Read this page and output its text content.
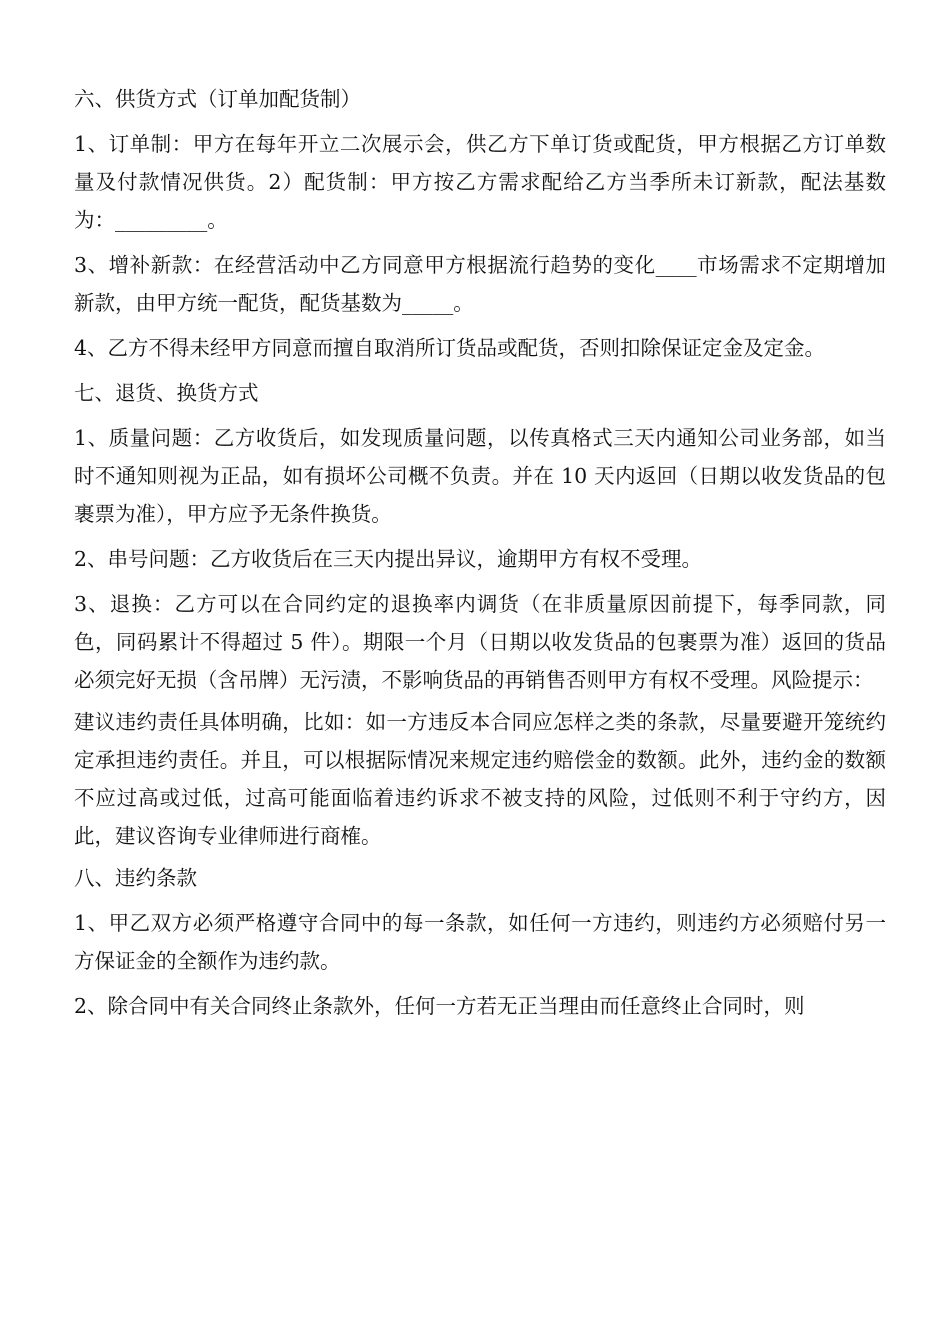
六、供货方式（订单加配货制）

1、订单制：甲方在每年开立二次展示会，供乙方下单订货或配货，甲方根据乙方订单数量及付款情况供货。2）配货制：甲方按乙方需求配给乙方当季所未订新款，配法基数为：_________。

3、增补新款：在经营活动中乙方同意甲方根据流行趋势的变化____市场需求不定期增加新款，由甲方统一配货，配货基数为_____。

4、乙方不得未经甲方同意而擅自取消所订货品或配货，否则扣除保证定金及定金。

七、退货、换货方式

1、质量问题：乙方收货后，如发现质量问题，以传真格式三天内通知公司业务部，如当时不通知则视为正品，如有损坏公司概不负责。并在 10 天内返回（日期以收发货品的包裹票为准），甲方应予无条件换货。

2、串号问题：乙方收货后在三天内提出异议，逾期甲方有权不受理。

3、退换：乙方可以在合同约定的退换率内调货（在非质量原因前提下，每季同款，同色，同码累计不得超过 5 件）。期限一个月（日期以收发货品的包裹票为准）返回的货品必须完好无损（含吊牌）无污渍，不影响货品的再销售否则甲方有权不受理。风险提示：

建议违约责任具体明确，比如：如一方违反本合同应怎样之类的条款，尽量要避开笼统约定承担违约责任。并且，可以根据际情况来规定违约赔偿金的数额。此外，违约金的数额不应过高或过低，过高可能面临着违约诉求不被支持的风险，过低则不利于守约方，因此，建议咨询专业律师进行商榷。

八、违约条款

1、甲乙双方必须严格遵守合同中的每一条款，如任何一方违约，则违约方必须赔付另一方保证金的全额作为违约款。

2、除合同中有关合同终止条款外，任何一方若无正当理由而任意终止合同时，则
